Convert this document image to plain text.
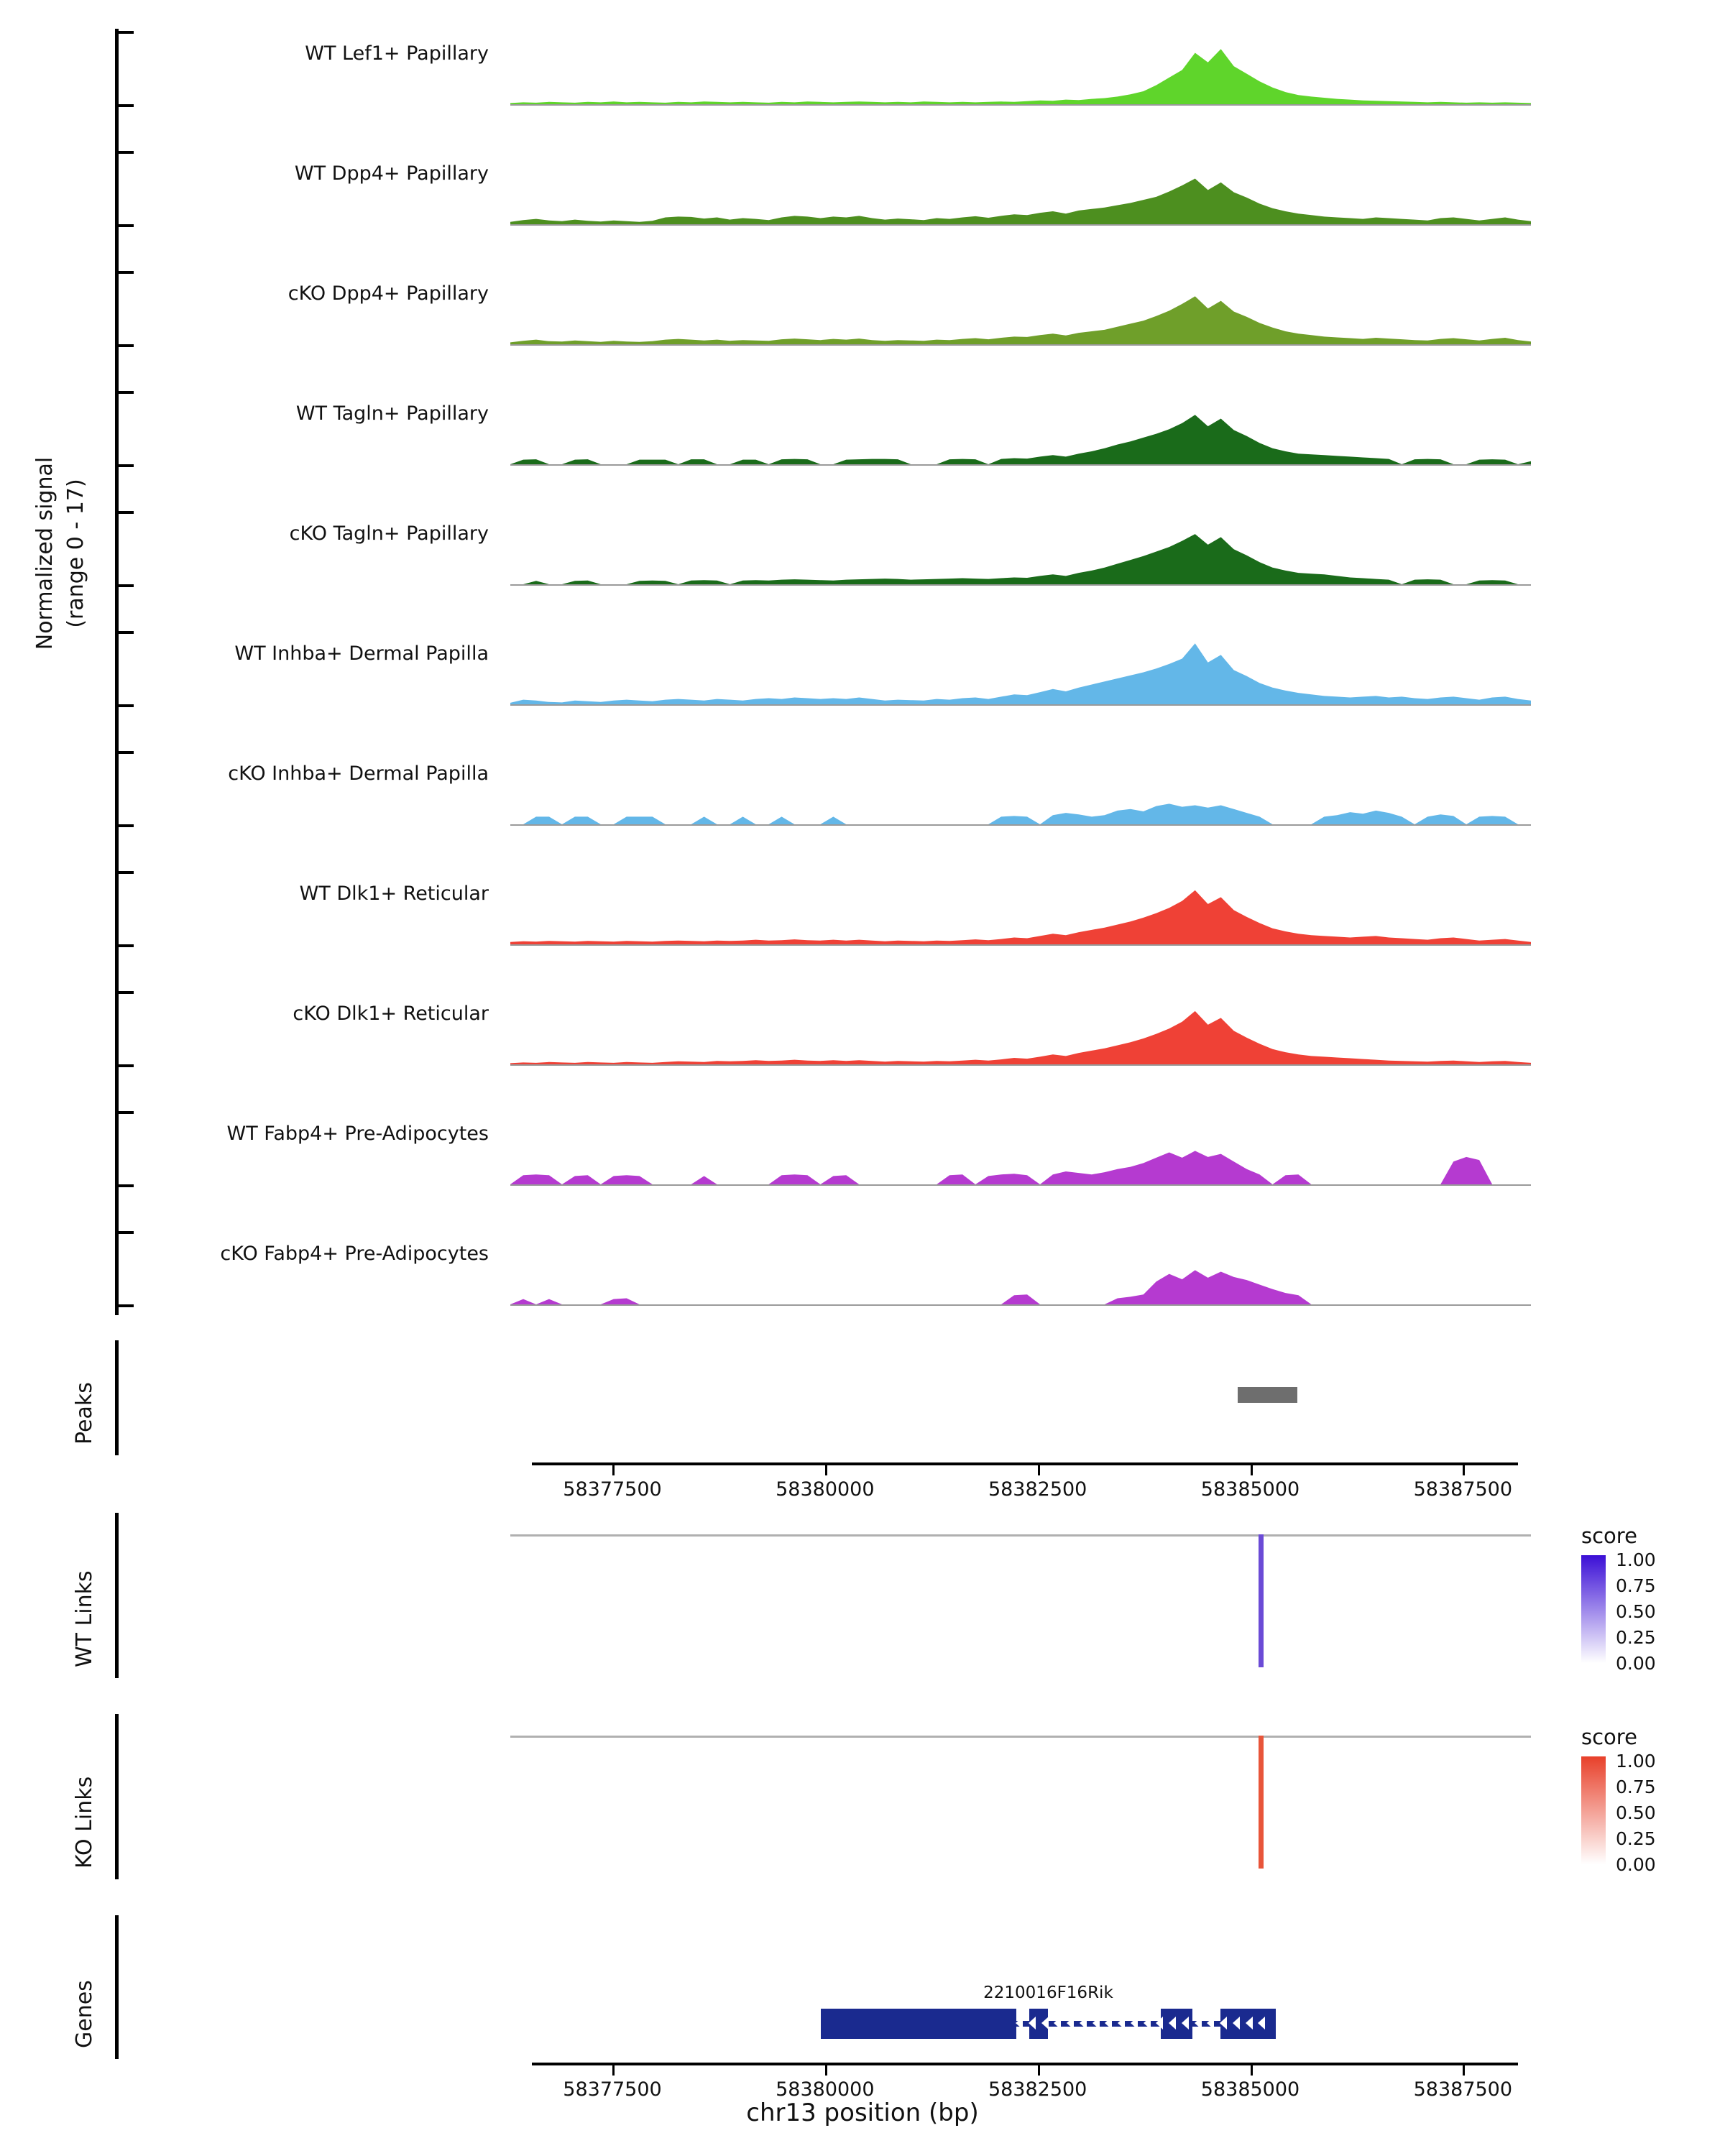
Normalized signal (range 0 - 17)
WT Lef1+ Papillary
WT Dpp4+ Papillary
cKO Dpp4+ Papillary
WT Tagln+ Papillary
cKO Tagln+ Papillary
WT Inhba+ Dermal Papilla
cKO Inhba+ Dermal Papilla
WT Dlk1+ Reticular
cKO Dlk1+ Reticular
WT Fabp4+ Pre-Adipocytes
cKO Fabp4+ Pre-Adipocytes
Peaks
58377500	58380000	58382500	58385000	58387500
WT Links
KO Links
Genes	2210016F16Rik
58377500	58380000	58382500	58385000	58387500
chr13 position (bp)
score
1.00
0.75
0.50
0.25
0.00
score
1.00
0.75
0.50
0.25
0.00
